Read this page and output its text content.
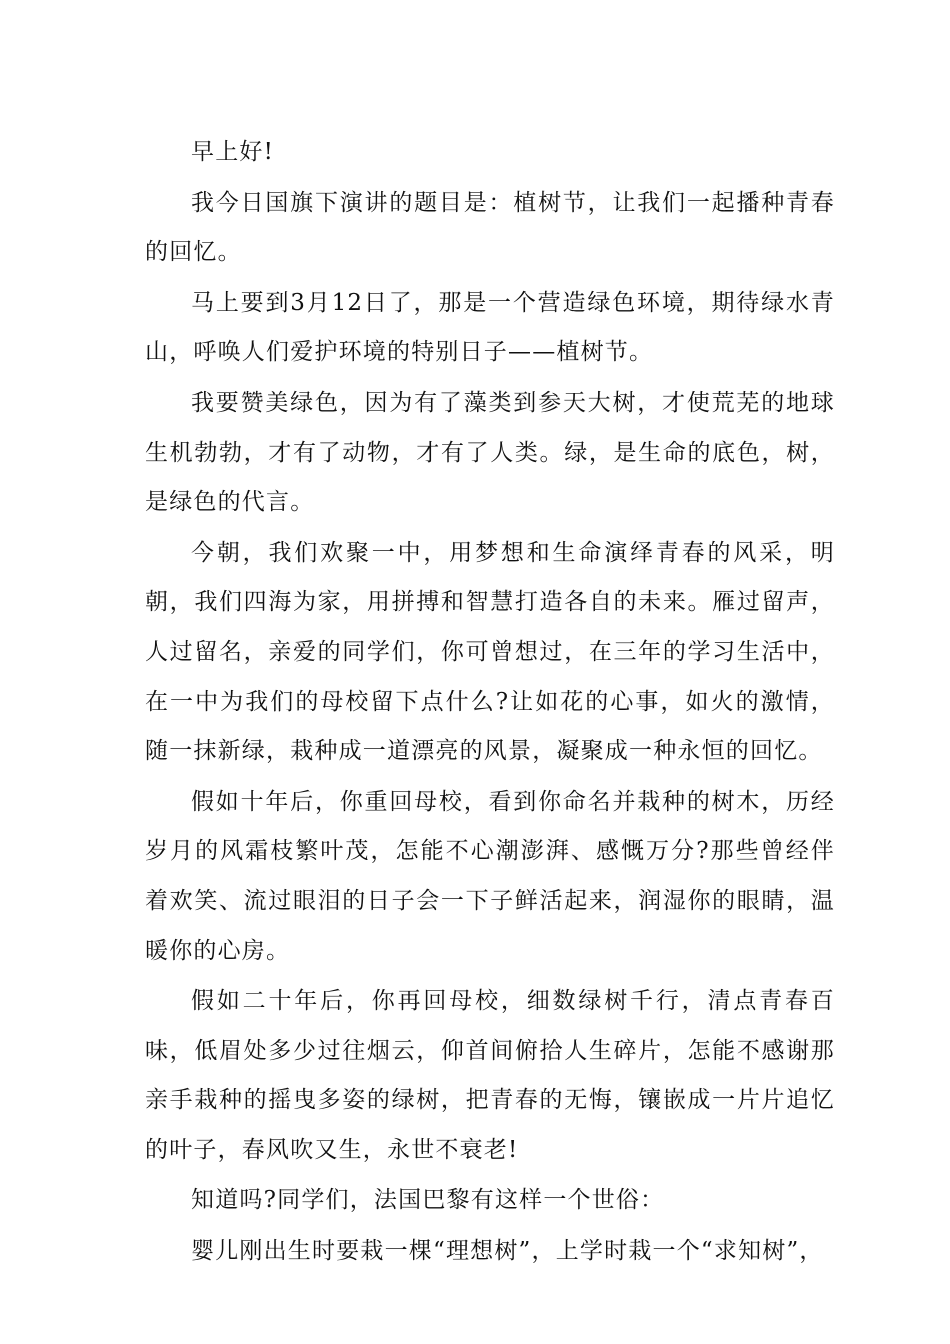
早上好!

我今日国旗下演讲的题目是：植树节，让我们一起播种青春的回忆。

马上要到3月12日了，那是一个营造绿色环境，期待绿水青山，呼唤人们爱护环境的特别日子——植树节。

我要赞美绿色，因为有了藻类到参天大树，才使荒芜的地球生机勃勃，才有了动物，才有了人类。绿，是生命的底色，树，是绿色的代言。

今朝，我们欢聚一中，用梦想和生命演绎青春的风采，明朝，我们四海为家，用拼搏和智慧打造各自的未来。雁过留声，人过留名，亲爱的同学们，你可曾想过，在三年的学习生活中，在一中为我们的母校留下点什么?让如花的心事，如火的激情，随一抹新绿，栽种成一道漂亮的风景，凝聚成一种永恒的回忆。

假如十年后，你重回母校，看到你命名并栽种的树木，历经岁月的风霜枝繁叶茂，怎能不心潮澎湃、感慨万分?那些曾经伴着欢笑、流过眼泪的日子会一下子鲜活起来，润湿你的眼睛，温暖你的心房。

假如二十年后，你再回母校，细数绿树千行，清点青春百味，低眉处多少过往烟云，仰首间俯拾人生碎片，怎能不感谢那亲手栽种的摇曳多姿的绿树，把青春的无悔，镶嵌成一片片追忆的叶子，春风吹又生，永世不衰老!

知道吗?同学们，法国巴黎有这样一个世俗：

婴儿刚出生时要栽一棵“理想树”，上学时栽一个“求知树”，
